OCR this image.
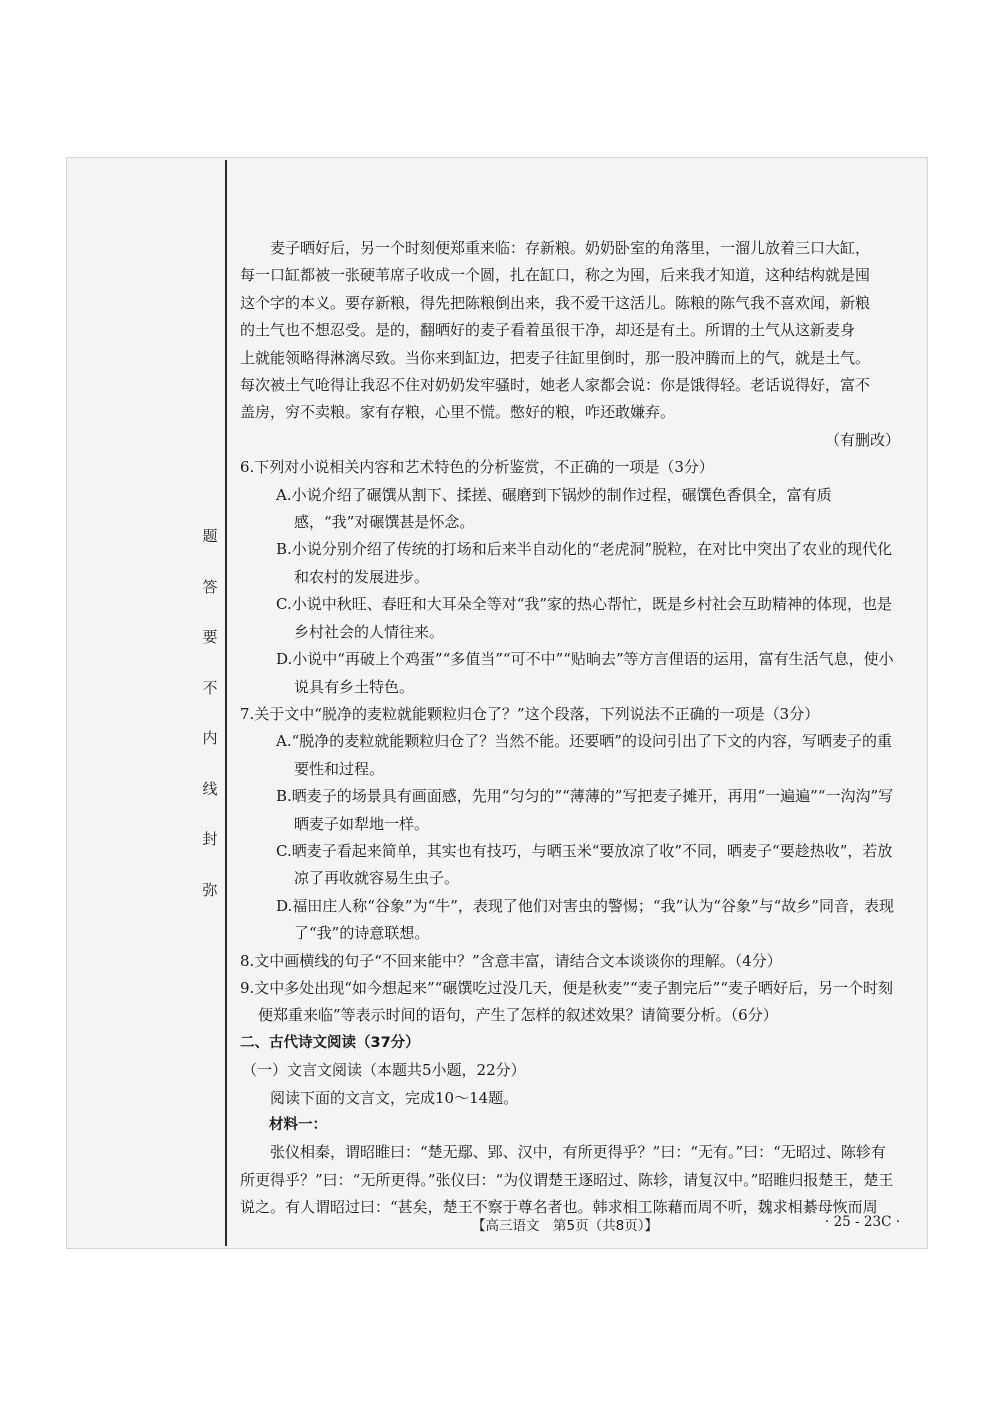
弥
封
线
内
不
要
答
题

麦子晒好后，另一个时刻便郑重来临：存新粮。奶奶卧室的角落里，一溜儿放着三口大缸，

每一口缸都被一张硬苇席子收成一个圆，扎在缸口，称之为囤，后来我才知道，这种结构就是囤

这个字的本义。要存新粮，得先把陈粮倒出来，我不爱干这活儿。陈粮的陈气我不喜欢闻，新粮

的土气也不想忍受。是的，翻晒好的麦子看着虽很干净，却还是有土。所谓的土气从这新麦身

上就能领略得淋漓尽致。当你来到缸边，把麦子往缸里倒时，那一股冲腾而上的气，就是土气。

每次被土气呛得让我忍不住对奶奶发牢骚时，她老人家都会说：你是饿得轻。老话说得好，富不

盖房，穷不卖粮。家有存粮，心里不慌。憋好的粮，咋还敢嫌弃。

（有删改）

6.下列对小说相关内容和艺术特色的分析鉴赏，不正确的一项是（3分）

A.小说介绍了碾馔从割下、揉搓、碾磨到下锅炒的制作过程，碾馔色香俱全，富有质感，“我”对碾馔甚是怀念。

B.小说分别介绍了传统的打场和后来半自动化的“老虎洞”脱粒，在对比中突出了农业的现代化和农村的发展进步。

C.小说中秋旺、春旺和大耳朵全等对“我”家的热心帮忙，既是乡村社会互助精神的体现，也是乡村社会的人情往来。

D.小说中“再破上个鸡蛋”“多值当”“可不中”“贴晌去”等方言俚语的运用，富有生活气息，使小说具有乡土特色。

7.关于文中“脱净的麦粒就能颗粒归仓了？”这个段落，下列说法不正确的一项是（3分）

A.“脱净的麦粒就能颗粒归仓了？当然不能。还要晒”的设问引出了下文的内容，写晒麦子的重要性和过程。

B.晒麦子的场景具有画面感，先用“匀匀的”“薄薄的”写把麦子摊开，再用“一遍遍”“一沟沟”写晒麦子如犁地一样。

C.晒麦子看起来简单，其实也有技巧，与晒玉米“要放凉了收”不同，晒麦子“要趁热收”，若放凉了再收就容易生虫子。

D.福田庄人称“谷象”为“牛”，表现了他们对害虫的警惕；“我”认为“谷象”与“故乡”同音，表现了“我”的诗意联想。

8.文中画横线的句子“不回来能中？”含意丰富，请结合文本谈谈你的理解。（4分）

9.文中多处出现“如今想起来”“碾馔吃过没几天，便是秋麦”“麦子割完后”“麦子晒好后，另一个时刻便郑重来临”等表示时间的语句，产生了怎样的叙述效果？请简要分析。（6分）

二、古代诗文阅读（37分）

（一）文言文阅读（本题共5小题，22分）

阅读下面的文言文，完成10～14题。

材料一：

张仪相秦，谓昭睢曰：“楚无鄢、郢、汉中，有所更得乎？”曰：“无有。”曰：“无昭过、陈轸有所更得乎？”曰：“无所更得。”张仪曰：“为仪谓楚王逐昭过、陈轸，请复汉中。”昭睢归报楚王，楚王说之。有人谓昭过曰：“甚矣，楚王不察于尊名者也。韩求相工陈藉而周不听，魏求相綦母恢而周

【高三语文　第5页（共8页）】	· 25 - 23C ·
